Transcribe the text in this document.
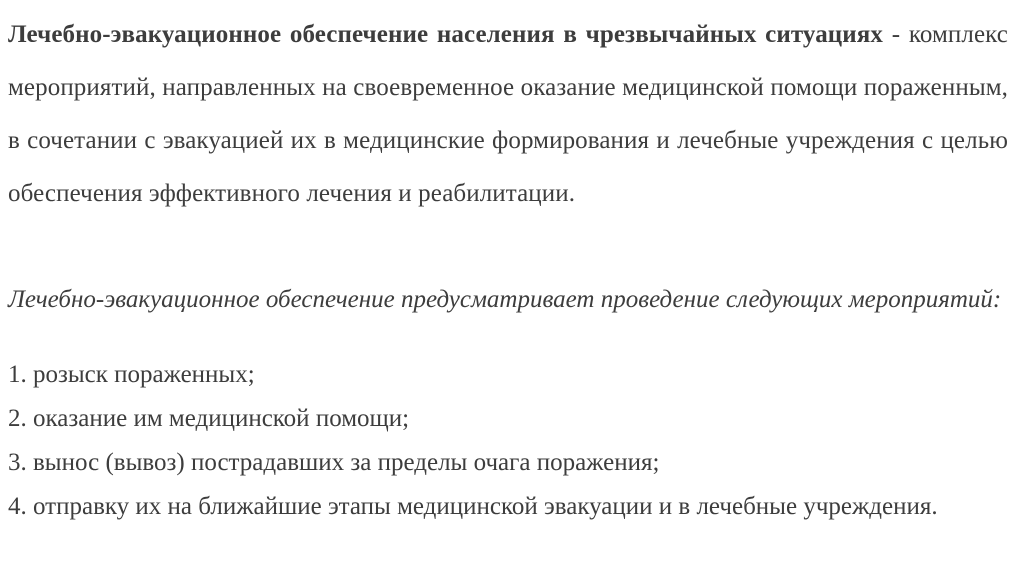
Лечебно-эвакуационное обеспечение населения в чрезвычайных ситуациях - комплекс мероприятий, направленных на своевременное оказание медицинской помощи пораженным, в сочетании с эвакуацией их в медицинские формирования и лечебные учреждения с целью обеспечения эффективного лечения и реабилитации.

Лечебно-эвакуационное обеспечение предусматривает проведение следующих мероприятий:

1. розыск пораженных;
2. оказание им медицинской помощи;
3. вынос (вывоз) пострадавших за пределы очага поражения;
4. отправку их на ближайшие этапы медицинской эвакуации и в лечебные учреждения.
